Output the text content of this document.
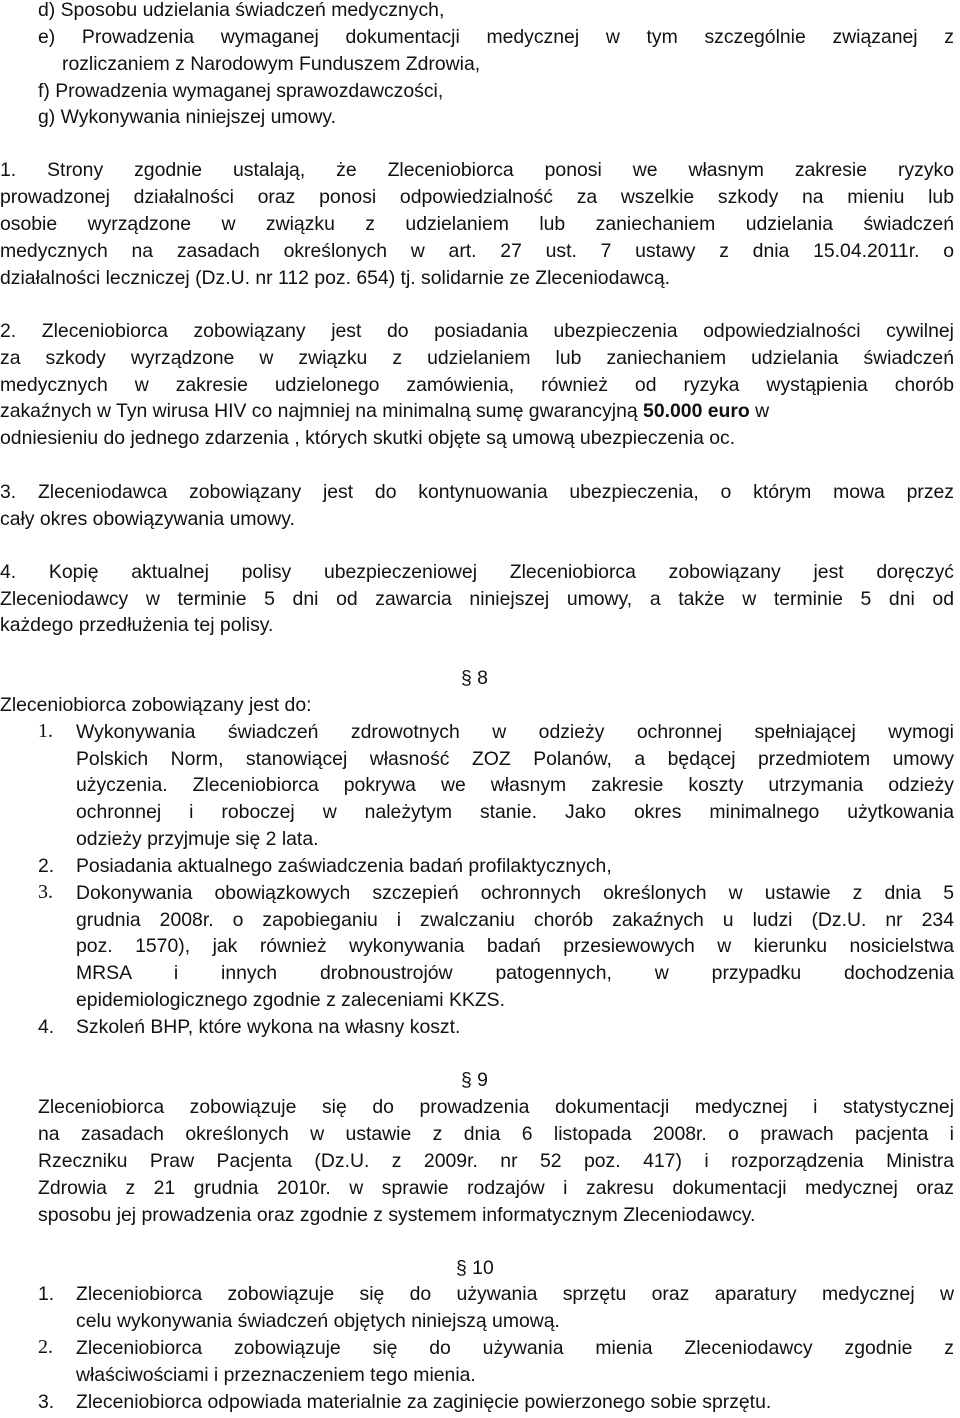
d) Sposobu udzielania świadczeń medycznych,
e) Prowadzenia wymaganej dokumentacji medycznej w tym szczególnie związanej z
rozliczaniem z Narodowym Funduszem Zdrowia,
f) Prowadzenia wymaganej sprawozdawczości,
g) Wykonywania niniejszej umowy.
1. Strony zgodnie ustalają, że Zleceniobiorca ponosi we własnym zakresie ryzyko
prowadzonej działalności oraz ponosi odpowiedzialność za wszelkie szkody na mieniu lub
osobie wyrządzone w związku z udzielaniem lub zaniechaniem udzielania świadczeń
medycznych na zasadach określonych w art. 27 ust. 7 ustawy z dnia 15.04.2011r. o
działalności leczniczej (Dz.U. nr 112 poz. 654) tj. solidarnie ze Zleceniodawcą.
2. Zleceniobiorca zobowiązany jest do posiadania ubezpieczenia odpowiedzialności cywilnej
za szkody wyrządzone w związku z udzielaniem lub zaniechaniem udzielania świadczeń
medycznych w zakresie udzielonego zamówienia, również od ryzyka wystąpienia chorób
zakaźnych w Tyn wirusa HIV co najmniej na minimalną sumę gwarancyjną 50.000 euro w
odniesieniu do jednego zdarzenia , których skutki objęte są umową ubezpieczenia oc.
3. Zleceniodawca zobowiązany jest do kontynuowania ubezpieczenia, o którym mowa przez
cały okres obowiązywania umowy.
4. Kopię aktualnej polisy ubezpieczeniowej Zleceniobiorca zobowiązany jest doręczyć
Zleceniodawcy w terminie 5 dni od zawarcia niniejszej umowy, a także w terminie 5 dni od
każdego przedłużenia tej polisy.
§ 8
Zleceniobiorca zobowiązany jest do:
1. Wykonywania świadczeń zdrowotnych w odzieży ochronnej spełniającej wymogi
Polskich Norm, stanowiącej własność ZOZ Polanów, a będącej przedmiotem umowy
użyczenia. Zleceniobiorca pokrywa we własnym zakresie koszty utrzymania odzieży
ochronnej i roboczej w należytym stanie. Jako okres minimalnego użytkowania
odzieży przyjmuje się 2 lata.
2. Posiadania aktualnego zaświadczenia badań profilaktycznych,
3. Dokonywania obowiązkowych szczepień ochronnych określonych w ustawie z dnia 5
grudnia 2008r. o zapobieganiu i zwalczaniu chorób zakaźnych u ludzi (Dz.U. nr 234
poz. 1570), jak również wykonywania badań przesiewowych w kierunku nosicielstwa
MRSA i innych drobnoustrojów patogennych, w przypadku dochodzenia
epidemiologicznego zgodnie z zaleceniami KKZS.
4. Szkoleń BHP, które wykona na własny koszt.
§ 9
Zleceniobiorca zobowiązuje się do prowadzenia dokumentacji medycznej i statystycznej
na zasadach określonych w ustawie z dnia 6 listopada 2008r. o prawach pacjenta i
Rzeczniku Praw Pacjenta (Dz.U. z 2009r. nr 52 poz. 417) i rozporządzenia Ministra
Zdrowia z 21 grudnia 2010r. w sprawie rodzajów i zakresu dokumentacji medycznej oraz
sposobu jej prowadzenia oraz zgodnie z systemem informatycznym Zleceniodawcy.
§ 10
1. Zleceniobiorca zobowiązuje się do używania sprzętu oraz aparatury medycznej w
celu wykonywania świadczeń objętych niniejszą umową.
2. Zleceniobiorca zobowiązuje się do używania mienia Zleceniodawcy zgodnie z
właściwościami i przeznaczeniem tego mienia.
3. Zleceniobiorca odpowiada materialnie za zaginięcie powierzonego sobie sprzętu.
